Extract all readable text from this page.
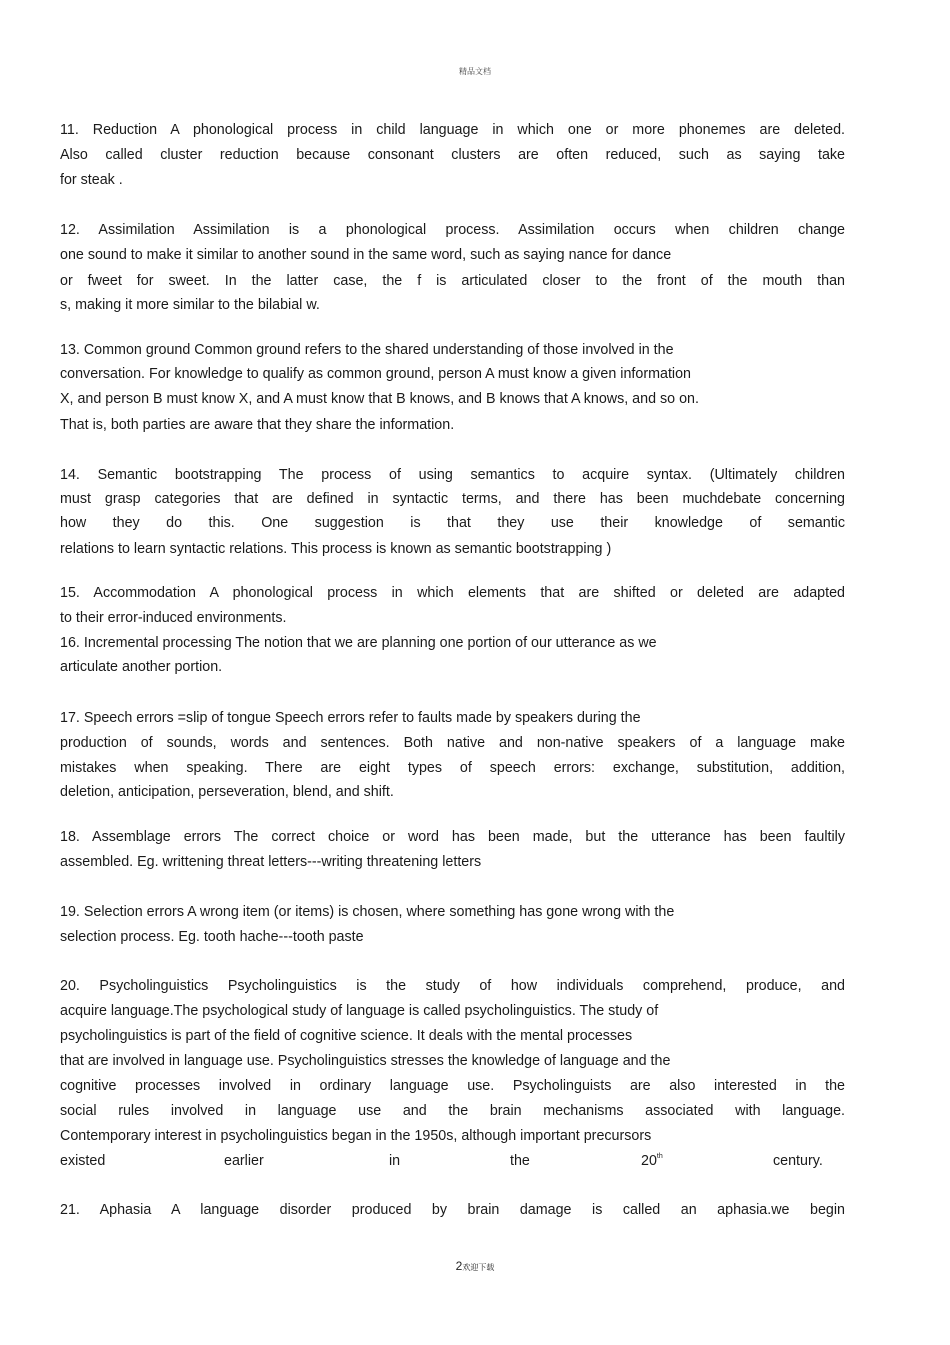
精品文档
existed	earlier	in	the	20th	century.
11. Reduction A phonological process in child language in which one or more phonemes are deleted.
Also called cluster reduction because consonant clusters are often reduced, such as saying take
for steak .
12. Assimilation Assimilation is a phonological process. Assimilation occurs when children change
one sound to make it similar to another sound in the same word, such as saying nance for dance
or fweet for sweet. In the latter case, the f is articulated closer to the front of the mouth than
s, making it more similar to the bilabial w.
13. Common ground Common ground refers to the shared understanding of those involved in the
conversation. For knowledge to qualify as common ground, person A must know a given information
X, and person B must know X, and A must know that B knows, and B knows that A knows, and so on.
That is, both parties are aware that they share the information.
14. Semantic bootstrapping The process of using semantics to acquire syntax. (Ultimately children
must grasp categories that are defined in syntactic terms, and there has been muchdebate concerning
how they do this. One suggestion is that they use their knowledge of semantic
relations to learn syntactic relations. This process is known as semantic bootstrapping )
15. Accommodation A phonological process in which elements that are shifted or deleted are adapted
to their error-induced environments.
16. Incremental processing The notion that we are planning one portion of our utterance as we
articulate another portion.
17. Speech errors =slip of tongue Speech errors refer to faults made by speakers during the
production of sounds, words and sentences. Both native and non-native speakers of a language make
mistakes when speaking. There are eight types of speech errors: exchange, substitution, addition,
deletion, anticipation, perseveration, blend, and shift.
18. Assemblage errors The correct choice or word has been made, but the utterance has been faultily
assembled. Eg. writtening threat letters---writing threatening letters
19. Selection errors A wrong item (or items) is chosen, where something has gone wrong with the
selection process. Eg. tooth hache---tooth paste
20. Psycholinguistics Psycholinguistics is the study of how individuals comprehend, produce, and
acquire language.The psychological study of language is called psycholinguistics. The study of
psycholinguistics is part of the field of cognitive science. It deals with the mental processes
that are involved in language use. Psycholinguistics stresses the knowledge of language and the
cognitive processes involved in ordinary language use. Psycholinguists are also interested in the
social rules involved in language use and the brain mechanisms associated with language.
Contemporary interest in psycholinguistics began in the 1950s, although important precursors
21. Aphasia A language disorder produced by brain damage is called an aphasia.we begin
2欢迎下载
